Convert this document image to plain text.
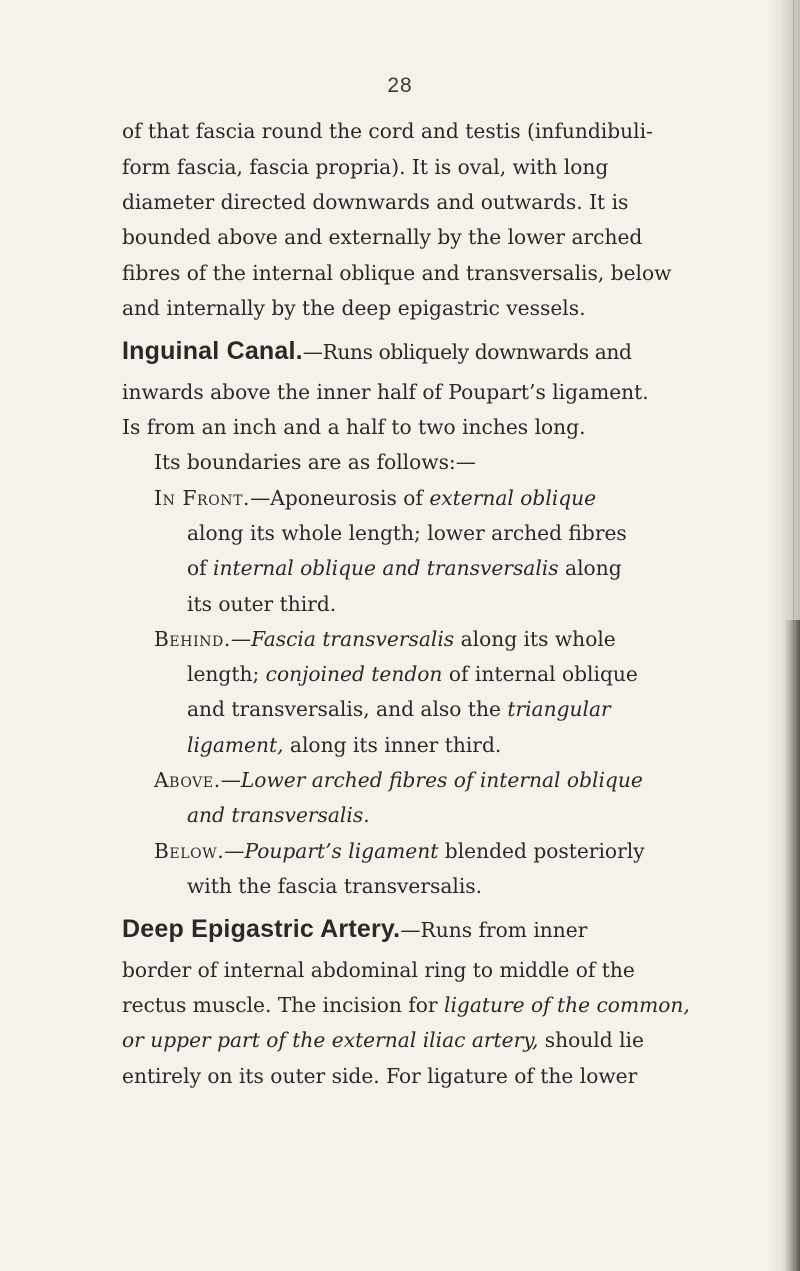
28
of that fascia round the cord and testis (infundibuli-
form fascia, fascia propria). It is oval, with long
diameter directed downwards and outwards. It is
bounded above and externally by the lower arched
fibres of the internal oblique and transversalis, below
and internally by the deep epigastric vessels.
Inguinal Canal.—Runs obliquely downwards and
inwards above the inner half of Poupart’s ligament.
Is from an inch and a half to two inches long.
Its boundaries are as follows:—
In Front.—Aponeurosis of external oblique
along its whole length; lower arched fibres
of internal oblique and transversalis along
its outer third.
Behind.—Fascia transversalis along its whole
length; conjoined tendon of internal oblique
and transversalis, and also the triangular
ligament, along its inner third.
Above.—Lower arched fibres of internal oblique
and transversalis.
Below.—Poupart’s ligament blended posteriorly
with the fascia transversalis.
Deep Epigastric Artery.—Runs from inner
border of internal abdominal ring to middle of the
rectus muscle. The incision for ligature of the common,
or upper part of the external iliac artery, should lie
entirely on its outer side. For ligature of the lower
